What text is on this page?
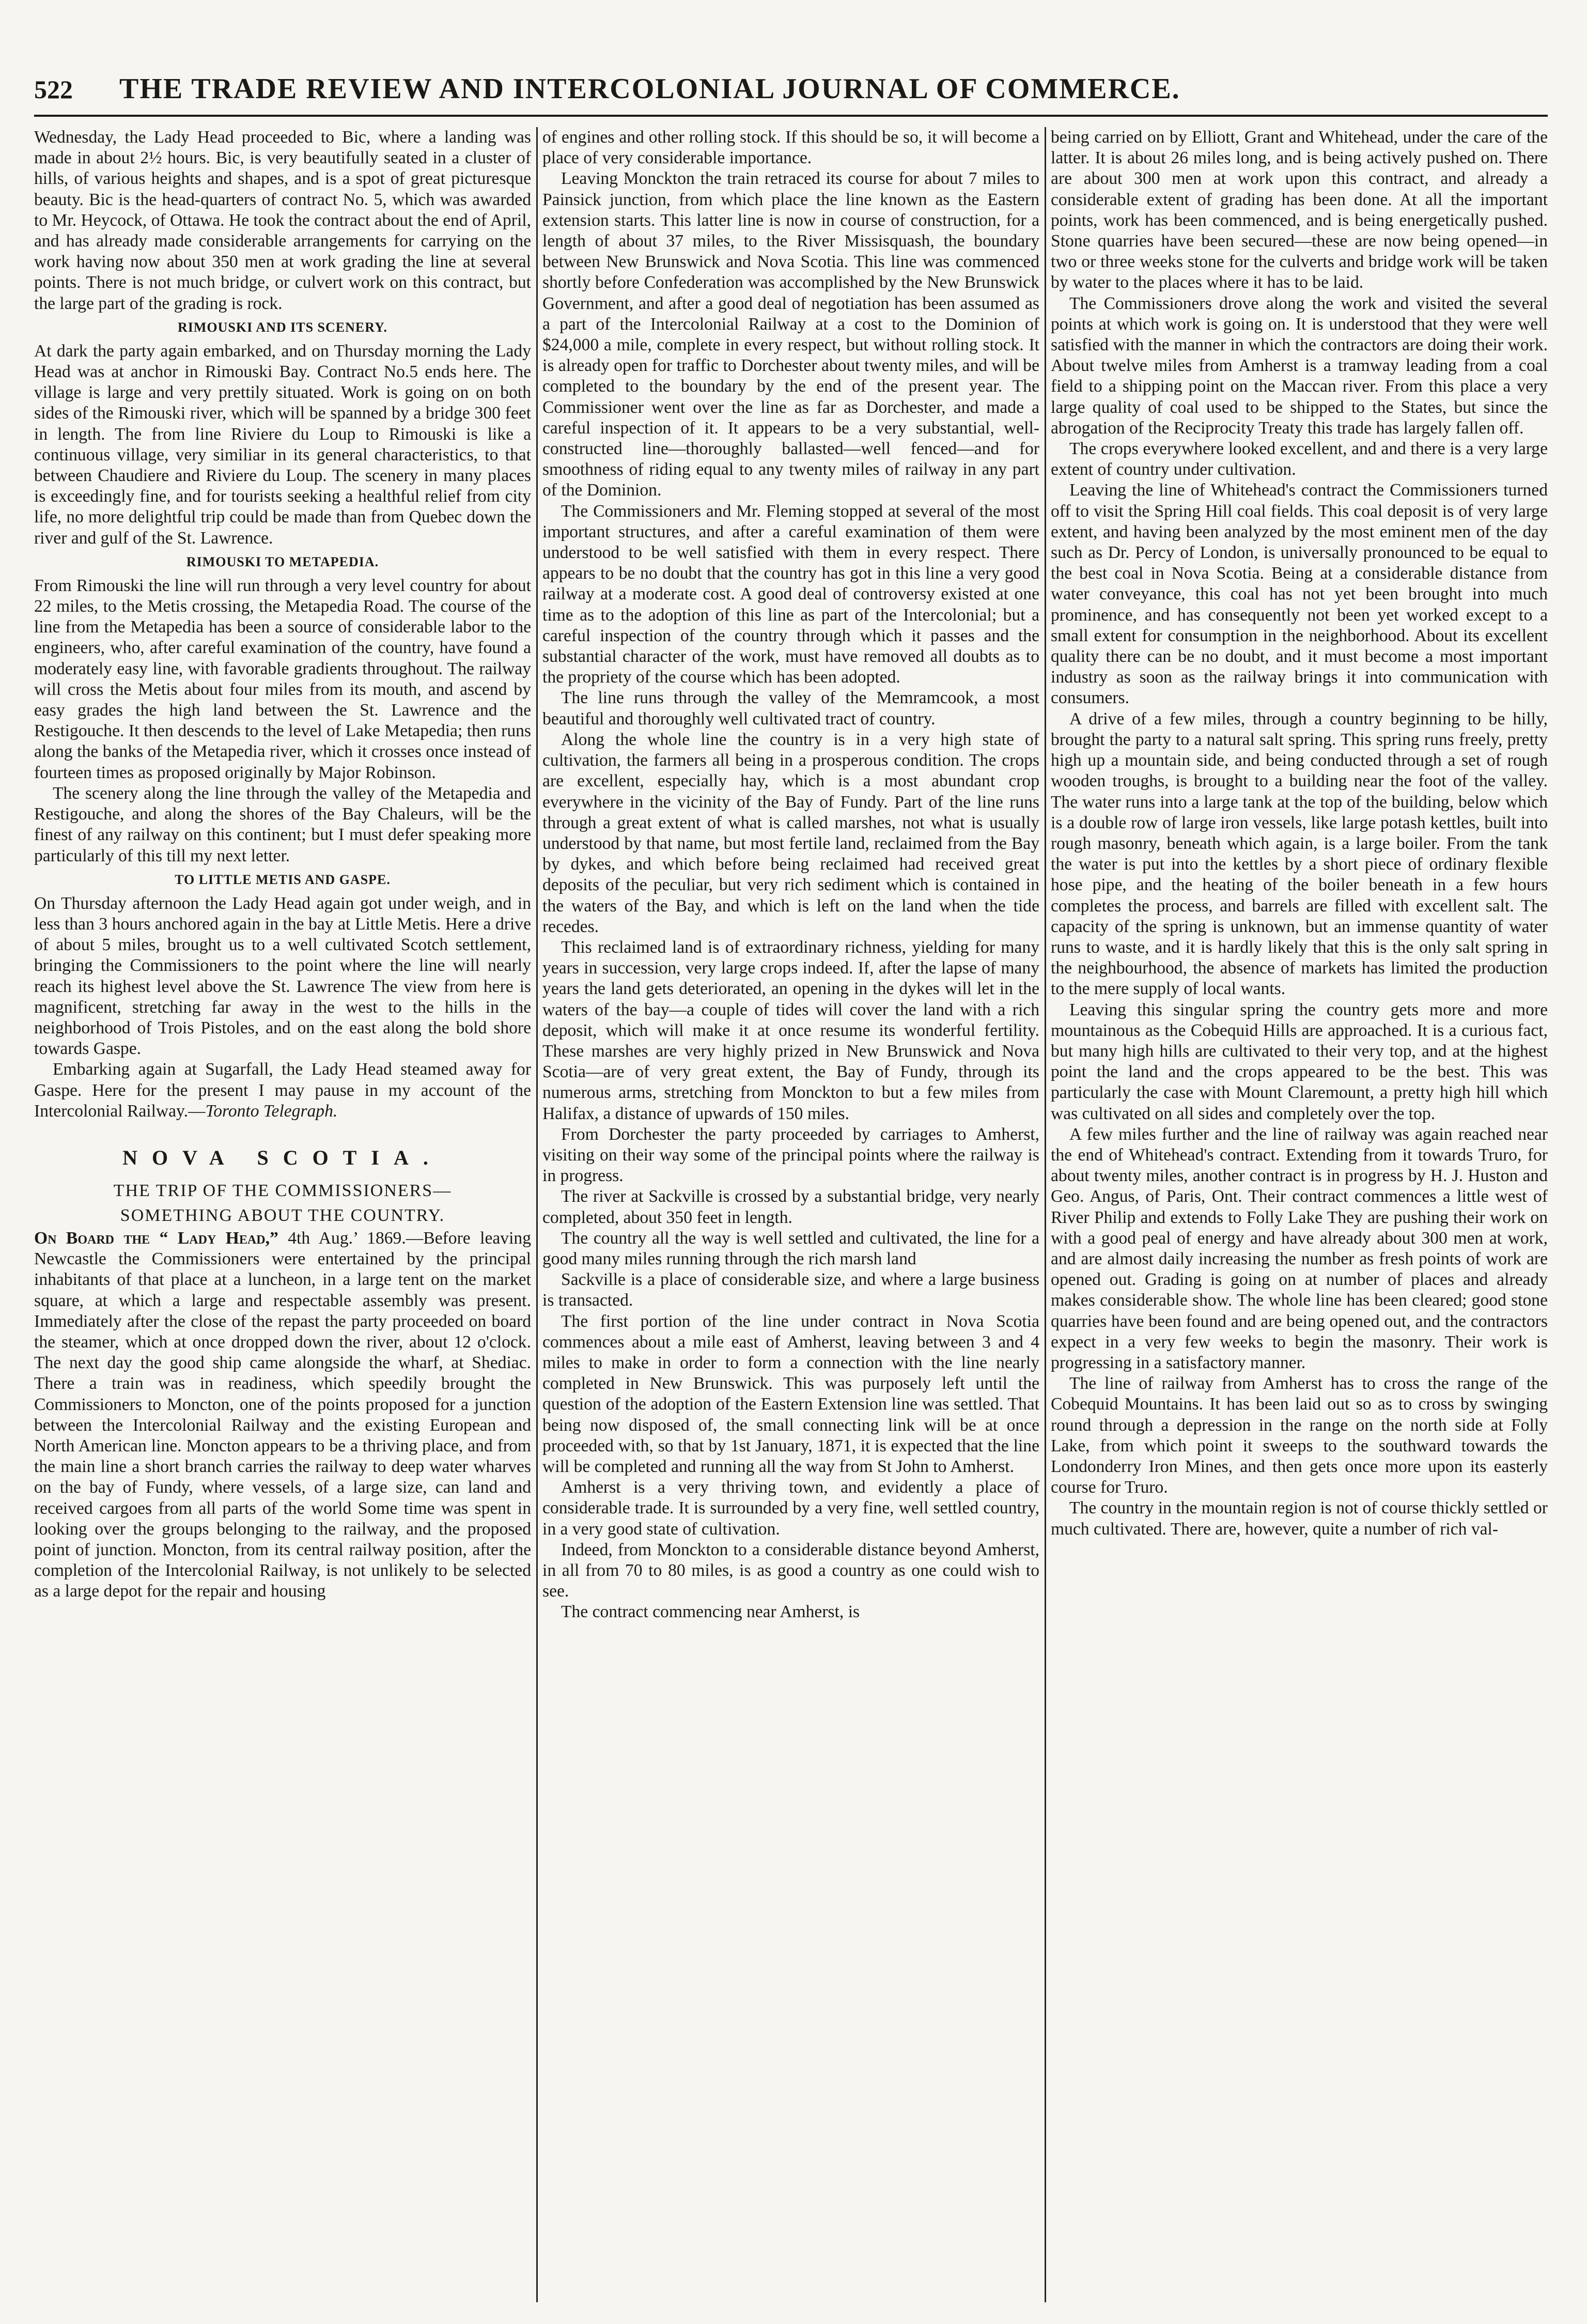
522 THE TRADE REVIEW AND INTERCOLONIAL JOURNAL OF COMMERCE.

Wednesday, the Lady Head proceeded to Bic, where a landing was made in about 2½ hours. Bic, is very beautifully seated in a cluster of hills, of various heights and shapes, and is a spot of great picturesque beauty. Bic is the head-quarters of contract No. 5, which was awarded to Mr. Heycock, of Ottawa. He took the contract about the end of April, and has already made considerable arrangements for carrying on the work having now about 350 men at work grading the line at several points. There is not much bridge, or culvert work on this contract, but the large part of the grading is rock.

RIMOUSKI AND ITS SCENERY.

At dark the party again embarked, and on Thursday morning the Lady Head was at anchor in Rimouski Bay. Contract No.5 ends here. The village is large and very prettily situated. Work is going on on both sides of the Rimouski river, which will be spanned by a bridge 300 feet in length. The from line Riviere du Loup to Rimouski is like a continuous village, very similiar in its general characteristics, to that between Chaudiere and Riviere du Loup. The scenery in many places is exceedingly fine, and for tourists seeking a healthful relief from city life, no more delightful trip could be made than from Quebec down the river and gulf of the St. Lawrence.

RIMOUSKI TO METAPEDIA.

From Rimouski the line will run through a very level country for about 22 miles, to the Metis crossing, the Metapedia Road. The course of the line from the Metapedia has been a source of considerable labor to the engineers, who, after careful examination of the country, have found a moderately easy line, with favorable gradients throughout. The railway will cross the Metis about four miles from its mouth, and ascend by easy grades the high land between the St. Lawrence and the Restigouche. It then descends to the level of Lake Metapedia; then runs along the banks of the Metapedia river, which it crosses once instead of fourteen times as proposed originally by Major Robinson.

The scenery along the line through the valley of the Metapedia and Restigouche, and along the shores of the Bay Chaleurs, will be the finest of any railway on this continent; but I must defer speaking more particularly of this till my next letter.

TO LITTLE METIS AND GASPE.

On Thursday afternoon the Lady Head again got under weigh, and in less than 3 hours anchored again in the bay at Little Metis. Here a drive of about 5 miles, brought us to a well cultivated Scotch settlement, bringing the Commissioners to the point where the line will nearly reach its highest level above the St. Lawrence The view from here is magnificent, stretching far away in the west to the hills in the neighborhood of Trois Pistoles, and on the east along the bold shore towards Gaspe.

Embarking again at Sugarfall, the Lady Head steamed away for Gaspe. Here for the present I may pause in my account of the Intercolonial Railway.—Toronto Telegraph.

NOVA SCOTIA.
THE TRIP OF THE COMMISSIONERS—
SOMETHING ABOUT THE COUNTRY.

On Board the “ Lady Head,” 4th Aug.’ 1869.—Before leaving Newcastle the Commissioners were entertained by the principal inhabitants of that place at a luncheon, in a large tent on the market square, at which a large and respectable assembly was present. Immediately after the close of the repast the party proceeded on board the steamer, which at once dropped down the river, about 12 o'clock. The next day the good ship came alongside the wharf, at Shediac. There a train was in readiness, which speedily brought the Commissioners to Moncton, one of the points proposed for a junction between the Intercolonial Railway and the existing European and North American line. Moncton appears to be a thriving place, and from the main line a short branch carries the railway to deep water wharves on the bay of Fundy, where vessels, of a large size, can land and received cargoes from all parts of the world Some time was spent in looking over the groups belonging to the railway, and the proposed point of junction. Moncton, from its central railway position, after the completion of the Intercolonial Railway, is not unlikely to be selected as a large depot for the repair and housing

of engines and other rolling stock. If this should be so, it will become a place of very considerable importance.

Leaving Monckton the train retraced its course for about 7 miles to Painsick junction, from which place the line known as the Eastern extension starts. This latter line is now in course of construction, for a length of about 37 miles, to the River Missisquash, the boundary between New Brunswick and Nova Scotia. This line was commenced shortly before Confederation was accomplished by the New Brunswick Government, and after a good deal of negotiation has been assumed as a part of the Intercolonial Railway at a cost to the Dominion of $24,000 a mile, complete in every respect, but without rolling stock. It is already open for traffic to Dorchester about twenty miles, and will be completed to the boundary by the end of the present year. The Commissioner went over the line as far as Dorchester, and made a careful inspection of it. It appears to be a very substantial, well-constructed line—thoroughly ballasted—well fenced—and for smoothness of riding equal to any twenty miles of railway in any part of the Dominion.

The Commissioners and Mr. Fleming stopped at several of the most important structures, and after a careful examination of them were understood to be well satisfied with them in every respect. There appears to be no doubt that the country has got in this line a very good railway at a moderate cost. A good deal of controversy existed at one time as to the adoption of this line as part of the Intercolonial; but a careful inspection of the country through which it passes and the substantial character of the work, must have removed all doubts as to the propriety of the course which has been adopted.

The line runs through the valley of the Memramcook, a most beautiful and thoroughly well cultivated tract of country.

Along the whole line the country is in a very high state of cultivation, the farmers all being in a prosperous condition. The crops are excellent, especially hay, which is a most abundant crop everywhere in the vicinity of the Bay of Fundy. Part of the line runs through a great extent of what is called marshes, not what is usually understood by that name, but most fertile land, reclaimed from the Bay by dykes, and which before being reclaimed had received great deposits of the peculiar, but very rich sediment which is contained in the waters of the Bay, and which is left on the land when the tide recedes.

This reclaimed land is of extraordinary richness, yielding for many years in succession, very large crops indeed. If, after the lapse of many years the land gets deteriorated, an opening in the dykes will let in the waters of the bay—a couple of tides will cover the land with a rich deposit, which will make it at once resume its wonderful fertility. These marshes are very highly prized in New Brunswick and Nova Scotia—are of very great extent, the Bay of Fundy, through its numerous arms, stretching from Monckton to but a few miles from Halifax, a distance of upwards of 150 miles.

From Dorchester the party proceeded by carriages to Amherst, visiting on their way some of the principal points where the railway is in progress.

The river at Sackville is crossed by a substantial bridge, very nearly completed, about 350 feet in length.

The country all the way is well settled and cultivated, the line for a good many miles running through the rich marsh land

Sackville is a place of considerable size, and where a large business is transacted.

The first portion of the line under contract in Nova Scotia commences about a mile east of Amherst, leaving between 3 and 4 miles to make in order to form a connection with the line nearly completed in New Brunswick. This was purposely left until the question of the adoption of the Eastern Extension line was settled. That being now disposed of, the small connecting link will be at once proceeded with, so that by 1st January, 1871, it is expected that the line will be completed and running all the way from St John to Amherst.

Amherst is a very thriving town, and evidently a place of considerable trade. It is surrounded by a very fine, well settled country, in a very good state of cultivation.

Indeed, from Monckton to a considerable distance beyond Amherst, in all from 70 to 80 miles, is as good a country as one could wish to see.

The contract commencing near Amherst, is

being carried on by Elliott, Grant and Whitehead, under the care of the latter. It is about 26 miles long, and is being actively pushed on. There are about 300 men at work upon this contract, and already a considerable extent of grading has been done. At all the important points, work has been commenced, and is being energetically pushed. Stone quarries have been secured—these are now being opened—in two or three weeks stone for the culverts and bridge work will be taken by water to the places where it has to be laid.

The Commissioners drove along the work and visited the several points at which work is going on. It is understood that they were well satisfied with the manner in which the contractors are doing their work. About twelve miles from Amherst is a tramway leading from a coal field to a shipping point on the Maccan river. From this place a very large quality of coal used to be shipped to the States, but since the abrogation of the Reciprocity Treaty this trade has largely fallen off.

The crops everywhere looked excellent, and and there is a very large extent of country under cultivation.

Leaving the line of Whitehead's contract the Commissioners turned off to visit the Spring Hill coal fields. This coal deposit is of very large extent, and having been analyzed by the most eminent men of the day such as Dr. Percy of London, is universally pronounced to be equal to the best coal in Nova Scotia. Being at a considerable distance from water conveyance, this coal has not yet been brought into much prominence, and has consequently not been yet worked except to a small extent for consumption in the neighborhood. About its excellent quality there can be no doubt, and it must become a most important industry as soon as the railway brings it into communication with consumers.

A drive of a few miles, through a country beginning to be hilly, brought the party to a natural salt spring. This spring runs freely, pretty high up a mountain side, and being conducted through a set of rough wooden troughs, is brought to a building near the foot of the valley. The water runs into a large tank at the top of the building, below which is a double row of large iron vessels, like large potash kettles, built into rough masonry, beneath which again, is a large boiler. From the tank the water is put into the kettles by a short piece of ordinary flexible hose pipe, and the heating of the boiler beneath in a few hours completes the process, and barrels are filled with excellent salt. The capacity of the spring is unknown, but an immense quantity of water runs to waste, and it is hardly likely that this is the only salt spring in the neighbourhood, the absence of markets has limited the production to the mere supply of local wants.

Leaving this singular spring the country gets more and more mountainous as the Cobequid Hills are approached. It is a curious fact, but many high hills are cultivated to their very top, and at the highest point the land and the crops appeared to be the best. This was particularly the case with Mount Claremount, a pretty high hill which was cultivated on all sides and completely over the top.

A few miles further and the line of railway was again reached near the end of Whitehead's contract. Extending from it towards Truro, for about twenty miles, another contract is in progress by H. J. Huston and Geo. Angus, of Paris, Ont. Their contract commences a little west of River Philip and extends to Folly Lake They are pushing their work on with a good peal of energy and have already about 300 men at work, and are almost daily increasing the number as fresh points of work are opened out. Grading is going on at number of places and already makes considerable show. The whole line has been cleared; good stone quarries have been found and are being opened out, and the contractors expect in a very few weeks to begin the masonry. Their work is progressing in a satisfactory manner.

The line of railway from Amherst has to cross the range of the Cobequid Mountains. It has been laid out so as to cross by swinging round through a depression in the range on the north side at Folly Lake, from which point it sweeps to the southward towards the Londonderry Iron Mines, and then gets once more upon its easterly course for Truro.

The country in the mountain region is not of course thickly settled or much cultivated. There are, however, quite a number of rich val-
